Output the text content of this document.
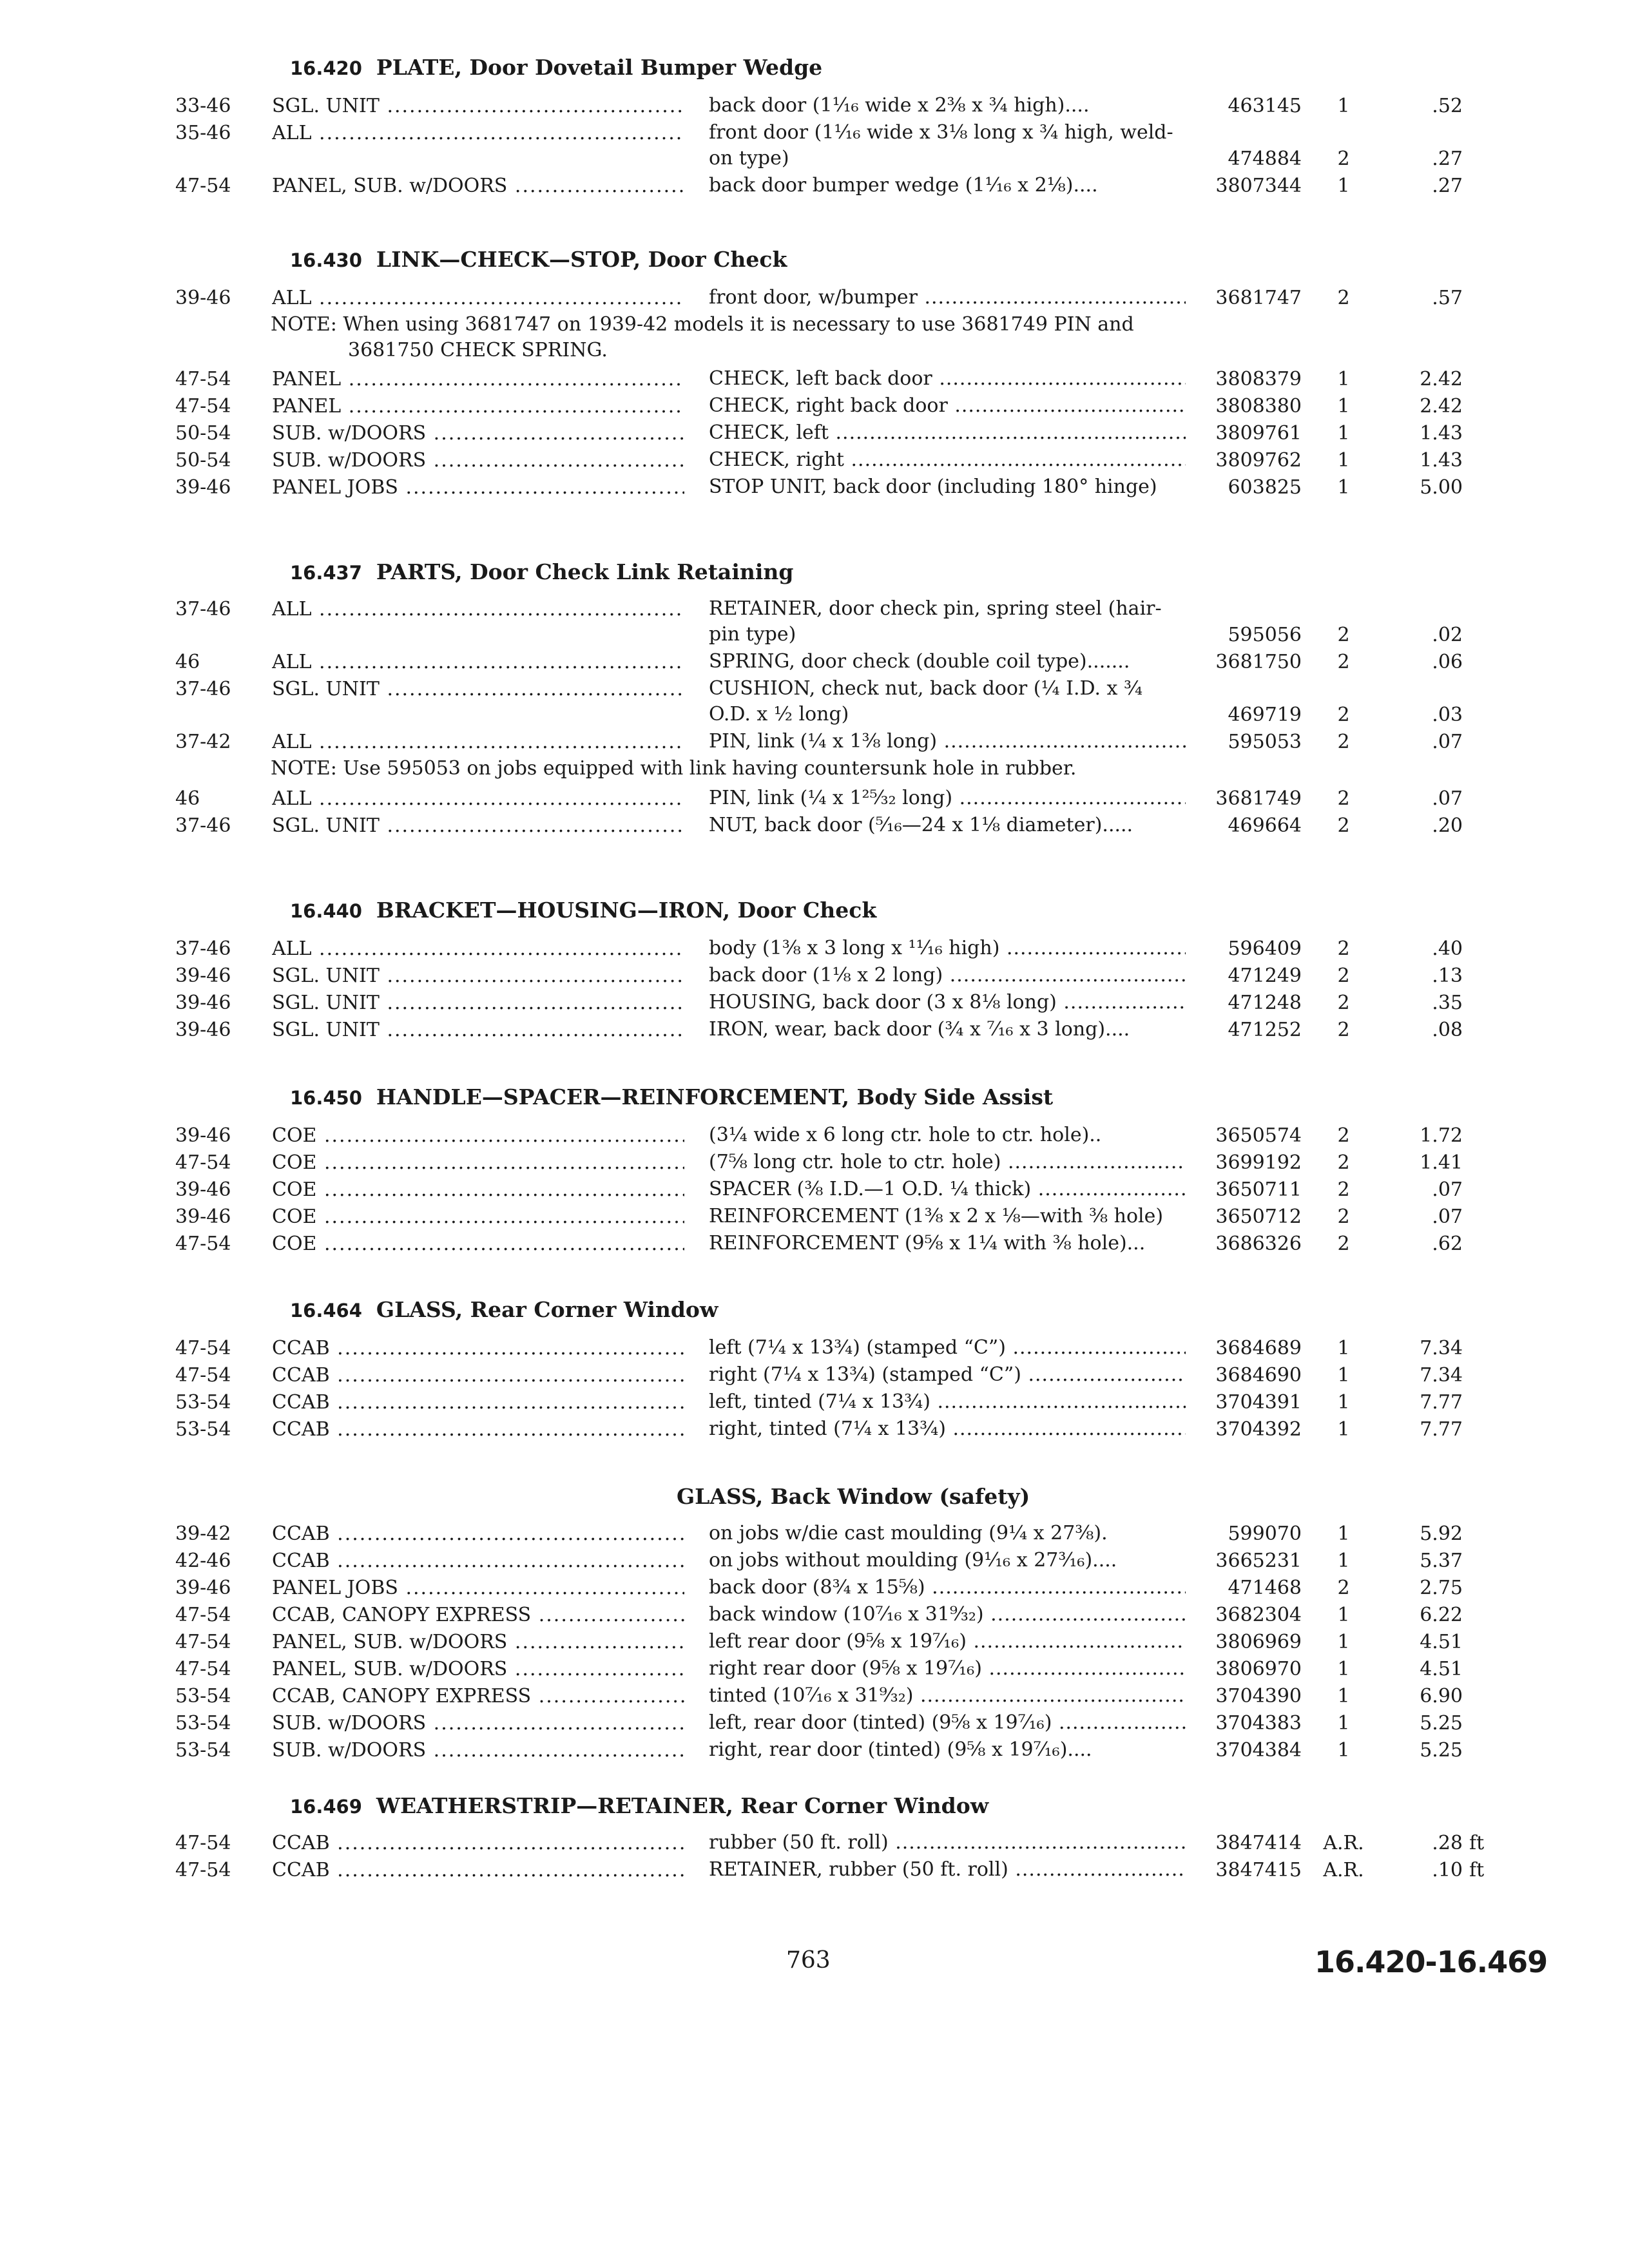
16.420 PLATE, Door Dovetail Bumper Wedge
33-46	SGL. UNIT .....	back door (1¹⁄₁₆ wide x 2⅜ x ¾ high)....	463145	1	.52
35-46	ALL .....	front door (1¹⁄₁₆ wide x 3⅛ long x ¾ high, weld-on type)	474884	2	.27
47-54	PANEL, SUB. w/DOORS .....	back door bumper wedge (1¹⁄₁₆ x 2⅛)....	3807344	1	.27
16.430 LINK—CHECK—STOP, Door Check
39-46	ALL .....	front door, w/bumper .....	3681747	2	.57
NOTE: When using 3681747 on 1939-42 models it is necessary to use 3681749 PIN and
3681750 CHECK SPRING.
47-54	PANEL .....	CHECK, left back door .....	3808379	1	2.42
47-54	PANEL .....	CHECK, right back door .....	3808380	1	2.42
50-54	SUB. w/DOORS .....	CHECK, left .....	3809761	1	1.43
50-54	SUB. w/DOORS .....	CHECK, right .....	3809762	1	1.43
39-46	PANEL JOBS .....	STOP UNIT, back door (including 180° hinge)	603825	1	5.00
16.437 PARTS, Door Check Link Retaining
37-46	ALL .....	RETAINER, door check pin, spring steel (hair-pin type)	595056	2	.02
46	ALL .....	SPRING, door check (double coil type).......	3681750	2	.06
37-46	SGL. UNIT .....	CUSHION, check nut, back door (¼ I.D. x ¾ O.D. x ½ long)	469719	2	.03
37-42	ALL .....	PIN, link (¼ x 1⅜ long) .....	595053	2	.07
NOTE: Use 595053 on jobs equipped with link having countersunk hole in rubber.
46	ALL .....	PIN, link (¼ x 1²⁵⁄₃₂ long) .....	3681749	2	.07
37-46	SGL. UNIT .....	NUT, back door (⁵⁄₁₆—24 x 1⅛ diameter).....	469664	2	.20
16.440 BRACKET—HOUSING—IRON, Door Check
37-46	ALL .....	body (1⅜ x 3 long x ¹¹⁄₁₆ high) .....	596409	2	.40
39-46	SGL. UNIT .....	back door (1⅛ x 2 long) .....	471249	2	.13
39-46	SGL. UNIT .....	HOUSING, back door (3 x 8⅛ long) .....	471248	2	.35
39-46	SGL. UNIT .....	IRON, wear, back door (¾ x ⁷⁄₁₆ x 3 long)....	471252	2	.08
16.450 HANDLE—SPACER—REINFORCEMENT, Body Side Assist
39-46	COE .....	(3¼ wide x 6 long ctr. hole to ctr. hole)..	3650574	2	1.72
47-54	COE .....	(7⅝ long ctr. hole to ctr. hole) .....	3699192	2	1.41
39-46	COE .....	SPACER (⅜ I.D.—1 O.D. ¼ thick) .....	3650711	2	.07
39-46	COE .....	REINFORCEMENT (1⅜ x 2 x ⅛—with ⅜ hole)	3650712	2	.07
47-54	COE .....	REINFORCEMENT (9⅝ x 1¼ with ⅜ hole)...	3686326	2	.62
16.464 GLASS, Rear Corner Window
47-54	CCAB .....	left (7¼ x 13¾) (stamped “C”) .....	3684689	1	7.34
47-54	CCAB .....	right (7¼ x 13¾) (stamped “C”) .....	3684690	1	7.34
53-54	CCAB .....	left, tinted (7¼ x 13¾) .....	3704391	1	7.77
53-54	CCAB .....	right, tinted (7¼ x 13¾) .....	3704392	1	7.77
GLASS, Back Window (safety)
39-42	CCAB .....	on jobs w/die cast moulding (9¼ x 27⅜).	599070	1	5.92
42-46	CCAB .....	on jobs without moulding (9¹⁄₁₆ x 27³⁄₁₆)....	3665231	1	5.37
39-46	PANEL JOBS .....	back door (8¾ x 15⅝) .....	471468	2	2.75
47-54	CCAB, CANOPY EXPRESS .....	back window (10⁷⁄₁₆ x 31⁹⁄₃₂) .....	3682304	1	6.22
47-54	PANEL, SUB. w/DOORS .....	left rear door (9⅝ x 19⁷⁄₁₆) .....	3806969	1	4.51
47-54	PANEL, SUB. w/DOORS .....	right rear door (9⅝ x 19⁷⁄₁₆) .....	3806970	1	4.51
53-54	CCAB, CANOPY EXPRESS .....	tinted (10⁷⁄₁₆ x 31⁹⁄₃₂) .....	3704390	1	6.90
53-54	SUB. w/DOORS .....	left, rear door (tinted) (9⅝ x 19⁷⁄₁₆) .....	3704383	1	5.25
53-54	SUB. w/DOORS .....	right, rear door (tinted) (9⅝ x 19⁷⁄₁₆)....	3704384	1	5.25
16.469 WEATHERSTRIP—RETAINER, Rear Corner Window
47-54	CCAB .....	rubber (50 ft. roll) .....	3847414	A.R.	.28 ft
47-54	CCAB .....	RETAINER, rubber (50 ft. roll) .....	3847415	A.R.	.10 ft
763	16.420-16.469
